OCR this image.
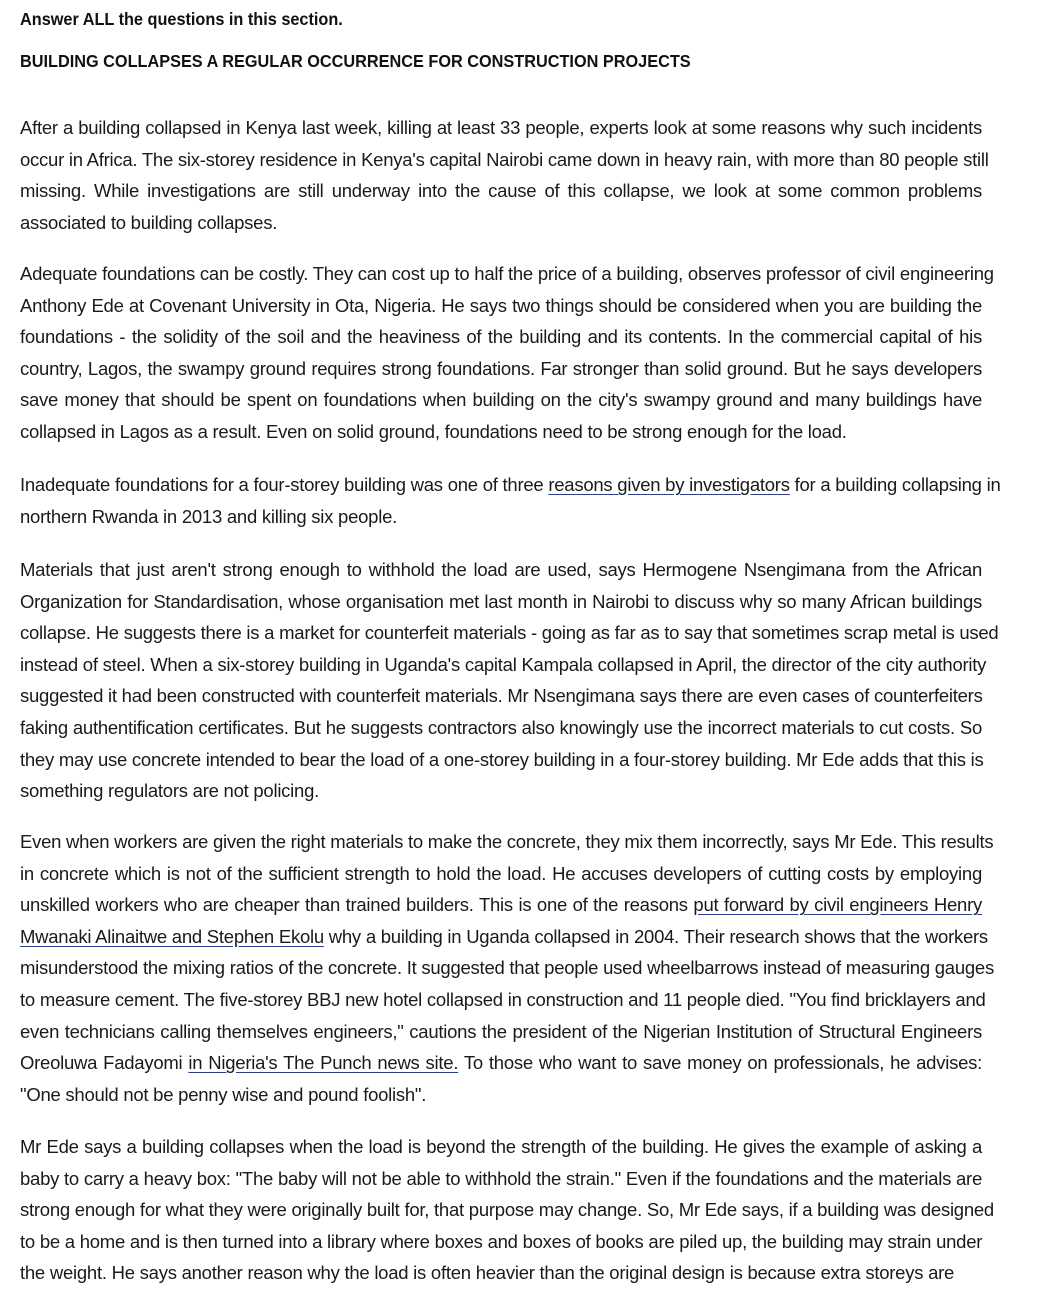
Answer ALL the questions in this section.
BUILDING COLLAPSES A REGULAR OCCURRENCE FOR CONSTRUCTION PROJECTS
After a building collapsed in Kenya last week, killing at least 33 people, experts look at some reasons why such incidents
occur in Africa. The six-storey residence in Kenya's capital Nairobi came down in heavy rain, with more than 80 people still
missing. While investigations are still underway into the cause of this collapse, we look at some common problems
associated to building collapses.
Adequate foundations can be costly. They can cost up to half the price of a building, observes professor of civil engineering
Anthony Ede at Covenant University in Ota, Nigeria. He says two things should be considered when you are building the
foundations - the solidity of the soil and the heaviness of the building and its contents. In the commercial capital of his
country, Lagos, the swampy ground requires strong foundations. Far stronger than solid ground. But he says developers
save money that should be spent on foundations when building on the city's swampy ground and many buildings have
collapsed in Lagos as a result. Even on solid ground, foundations need to be strong enough for the load.
Inadequate foundations for a four-storey building was one of three reasons given by investigators for a building collapsing in
northern Rwanda in 2013 and killing six people.
Materials that just aren't strong enough to withhold the load are used, says Hermogene Nsengimana from the African
Organization for Standardisation, whose organisation met last month in Nairobi to discuss why so many African buildings
collapse. He suggests there is a market for counterfeit materials - going as far as to say that sometimes scrap metal is used
instead of steel. When a six-storey building in Uganda's capital Kampala collapsed in April, the director of the city authority
suggested it had been constructed with counterfeit materials. Mr Nsengimana says there are even cases of counterfeiters
faking authentification certificates. But he suggests contractors also knowingly use the incorrect materials to cut costs. So
they may use concrete intended to bear the load of a one-storey building in a four-storey building. Mr Ede adds that this is
something regulators are not policing.
Even when workers are given the right materials to make the concrete, they mix them incorrectly, says Mr Ede. This results
in concrete which is not of the sufficient strength to hold the load. He accuses developers of cutting costs by employing
unskilled workers who are cheaper than trained builders. This is one of the reasons put forward by civil engineers Henry
Mwanaki Alinaitwe and Stephen Ekolu why a building in Uganda collapsed in 2004. Their research shows that the workers
misunderstood the mixing ratios of the concrete. It suggested that people used wheelbarrows instead of measuring gauges
to measure cement. The five-storey BBJ new hotel collapsed in construction and 11 people died. "You find bricklayers and
even technicians calling themselves engineers," cautions the president of the Nigerian Institution of Structural Engineers
Oreoluwa Fadayomi in Nigeria's The Punch news site. To those who want to save money on professionals, he advises:
"One should not be penny wise and pound foolish".
Mr Ede says a building collapses when the load is beyond the strength of the building. He gives the example of asking a
baby to carry a heavy box: "The baby will not be able to withhold the strain." Even if the foundations and the materials are
strong enough for what they were originally built for, that purpose may change. So, Mr Ede says, if a building was designed
to be a home and is then turned into a library where boxes and boxes of books are piled up, the building may strain under
the weight. He says another reason why the load is often heavier than the original design is because extra storeys are
